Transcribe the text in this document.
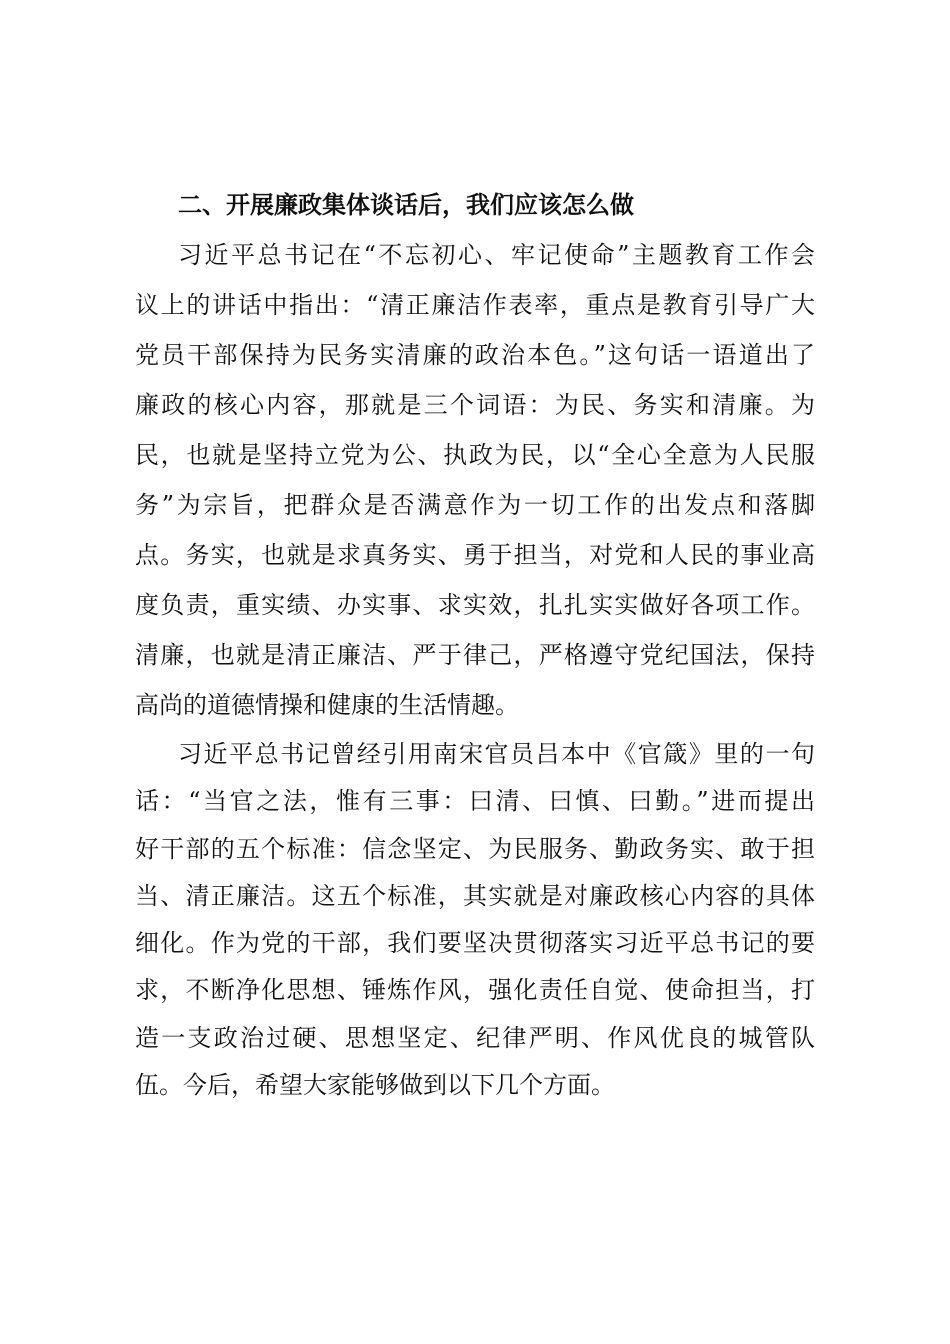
二、开展廉政集体谈话后，我们应该怎么做
习近平总书记在“不忘初心、牢记使命”主题教育工作会
议上的讲话中指出：“清正廉洁作表率，重点是教育引导广大
党员干部保持为民务实清廉的政治本色。”这句话一语道出了
廉政的核心内容，那就是三个词语：为民、务实和清廉。为
民，也就是坚持立党为公、执政为民，以“全心全意为人民服
务”为宗旨，把群众是否满意作为一切工作的出发点和落脚
点。务实，也就是求真务实、勇于担当，对党和人民的事业高
度负责，重实绩、办实事、求实效，扎扎实实做好各项工作。
清廉，也就是清正廉洁、严于律己，严格遵守党纪国法，保持
高尚的道德情操和健康的生活情趣。
习近平总书记曾经引用南宋官员吕本中《官箴》里的一句
话：“当官之法，惟有三事：曰清、曰慎、曰勤。”进而提出
好干部的五个标准：信念坚定、为民服务、勤政务实、敢于担
当、清正廉洁。这五个标准，其实就是对廉政核心内容的具体
细化。作为党的干部，我们要坚决贯彻落实习近平总书记的要
求，不断净化思想、锤炼作风，强化责任自觉、使命担当，打
造一支政治过硬、思想坚定、纪律严明、作风优良的城管队
伍。今后，希望大家能够做到以下几个方面。
